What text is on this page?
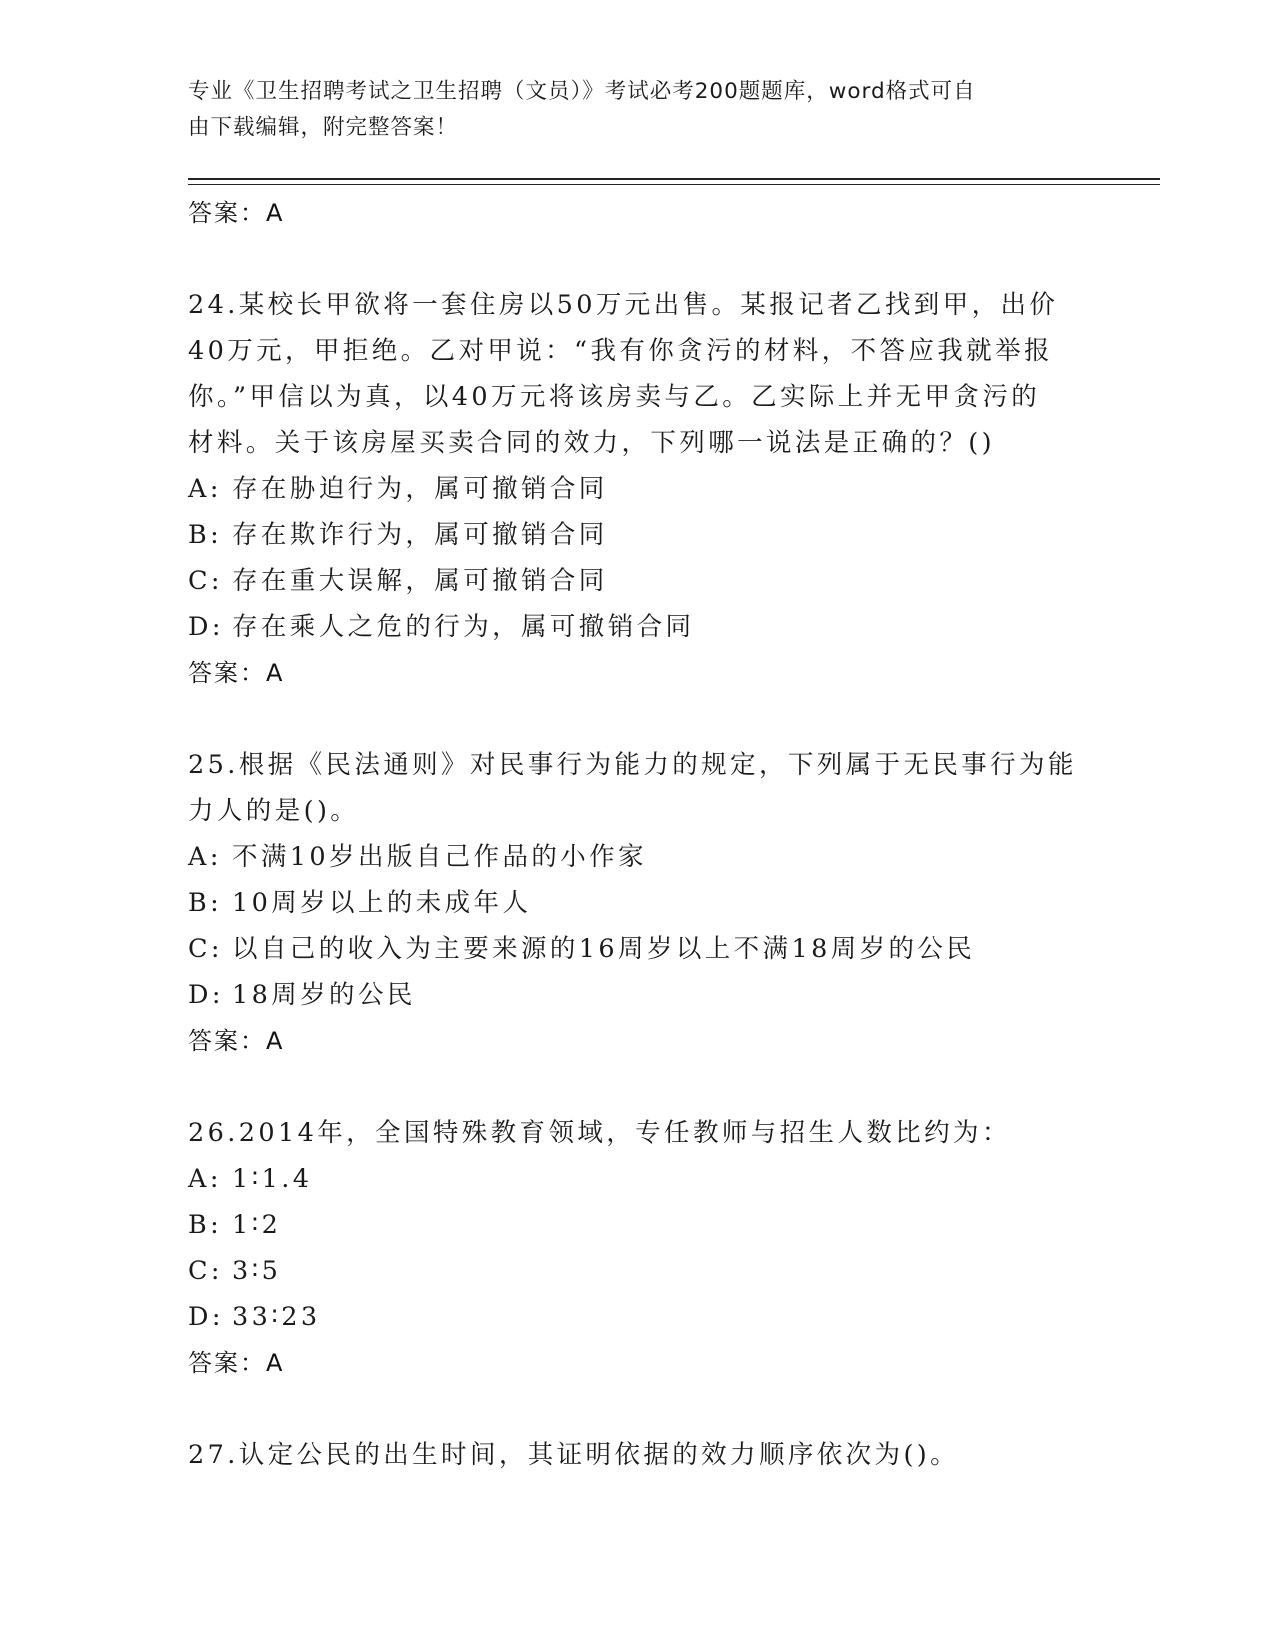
专业《卫生招聘考试之卫生招聘（文员）》考试必考200题题库，word格式可自
由下载编辑，附完整答案！
答案：A
24.某校长甲欲将一套住房以50万元出售。某报记者乙找到甲，出价
40万元，甲拒绝。乙对甲说：“我有你贪污的材料，不答应我就举报
你。”甲信以为真，以40万元将该房卖与乙。乙实际上并无甲贪污的
材料。关于该房屋买卖合同的效力，下列哪一说法是正确的？()
A: 存在胁迫行为，属可撤销合同
B: 存在欺诈行为，属可撤销合同
C: 存在重大误解，属可撤销合同
D: 存在乘人之危的行为，属可撤销合同
答案：A
25.根据《民法通则》对民事行为能力的规定，下列属于无民事行为能
力人的是()。
A: 不满10岁出版自己作品的小作家
B: 10周岁以上的未成年人
C: 以自己的收入为主要来源的16周岁以上不满18周岁的公民
D: 18周岁的公民
答案：A
26.2014年，全国特殊教育领域，专任教师与招生人数比约为：
A: 1∶1.4
B: 1∶2
C: 3∶5
D: 33∶23
答案：A
27.认定公民的出生时间，其证明依据的效力顺序依次为()。
